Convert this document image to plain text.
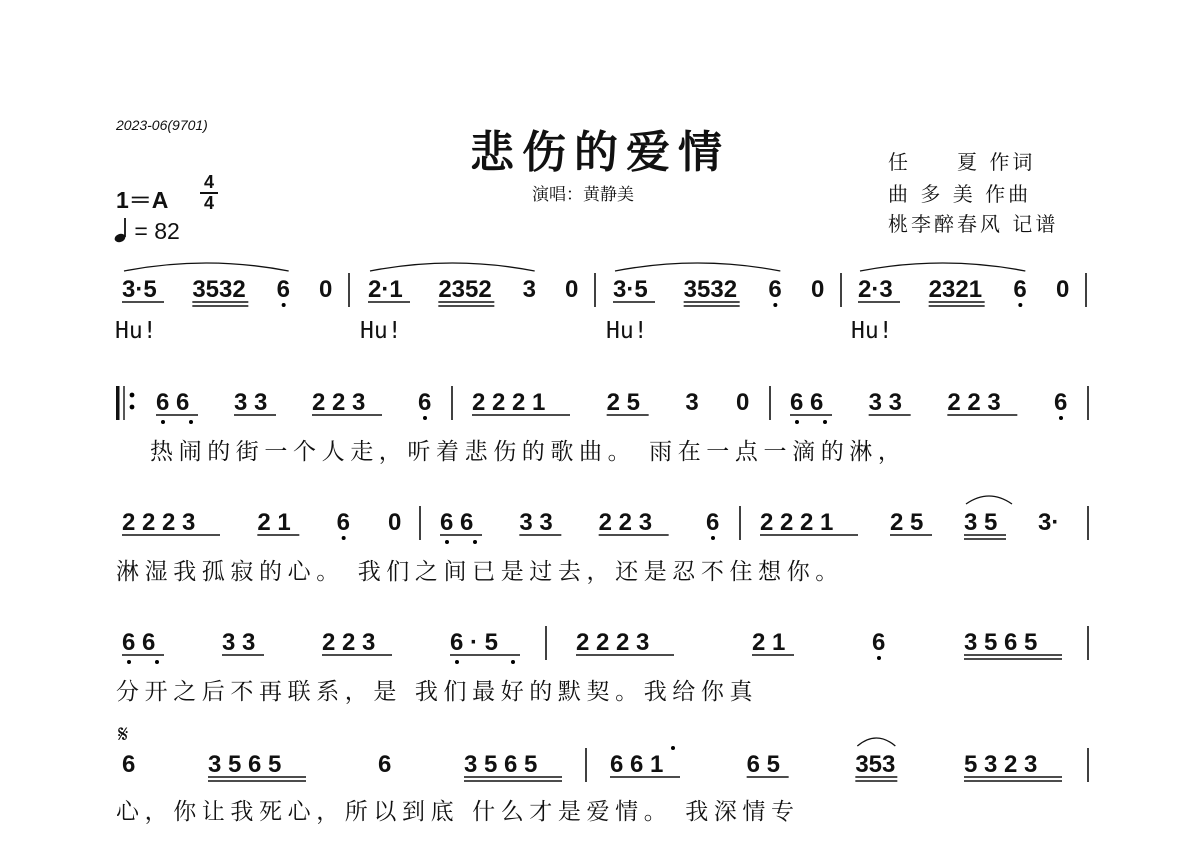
2023-06(9701)
悲伤的爱情
演唱：黄静美
任　　夏 作词
曲 多 美 作曲
桃李醉春风 记谱
1＝A
4
4
= 82
3·5 3532 6 0 2·1 2352 3 0 3·5 3532 6 0 2·3 2321 6 0
6 6 3 3 2 2 3 6 2 2 2 1	2 5 3 0 6 6 3 3 2 2 3 6
2 2 2 3	2 1 6 0 6 6 3 3 2 2 3 6 2 2 2 1 2 5 3 5 3·
6 6	3 3	2 2 3	6 · 5	2 2 2 3	2 1	6	3 5 6 5
𝄋
6	3 5 6 5	6	3 5 6 5	6 6 1	6 5	353	5 3 2 3
Hu!	Hu!	Hu!	Hu!
热闹的街一个人走，听着悲伤的歌曲。 雨在一点一滴的淋，
淋湿我孤寂的心。 我们之间已是过去，还是忍不住想你。
分开之后不再联系，是 我们最好的默契。我给你真
心，你让我死心，所以到底 什么才是爱情。 我深情专
